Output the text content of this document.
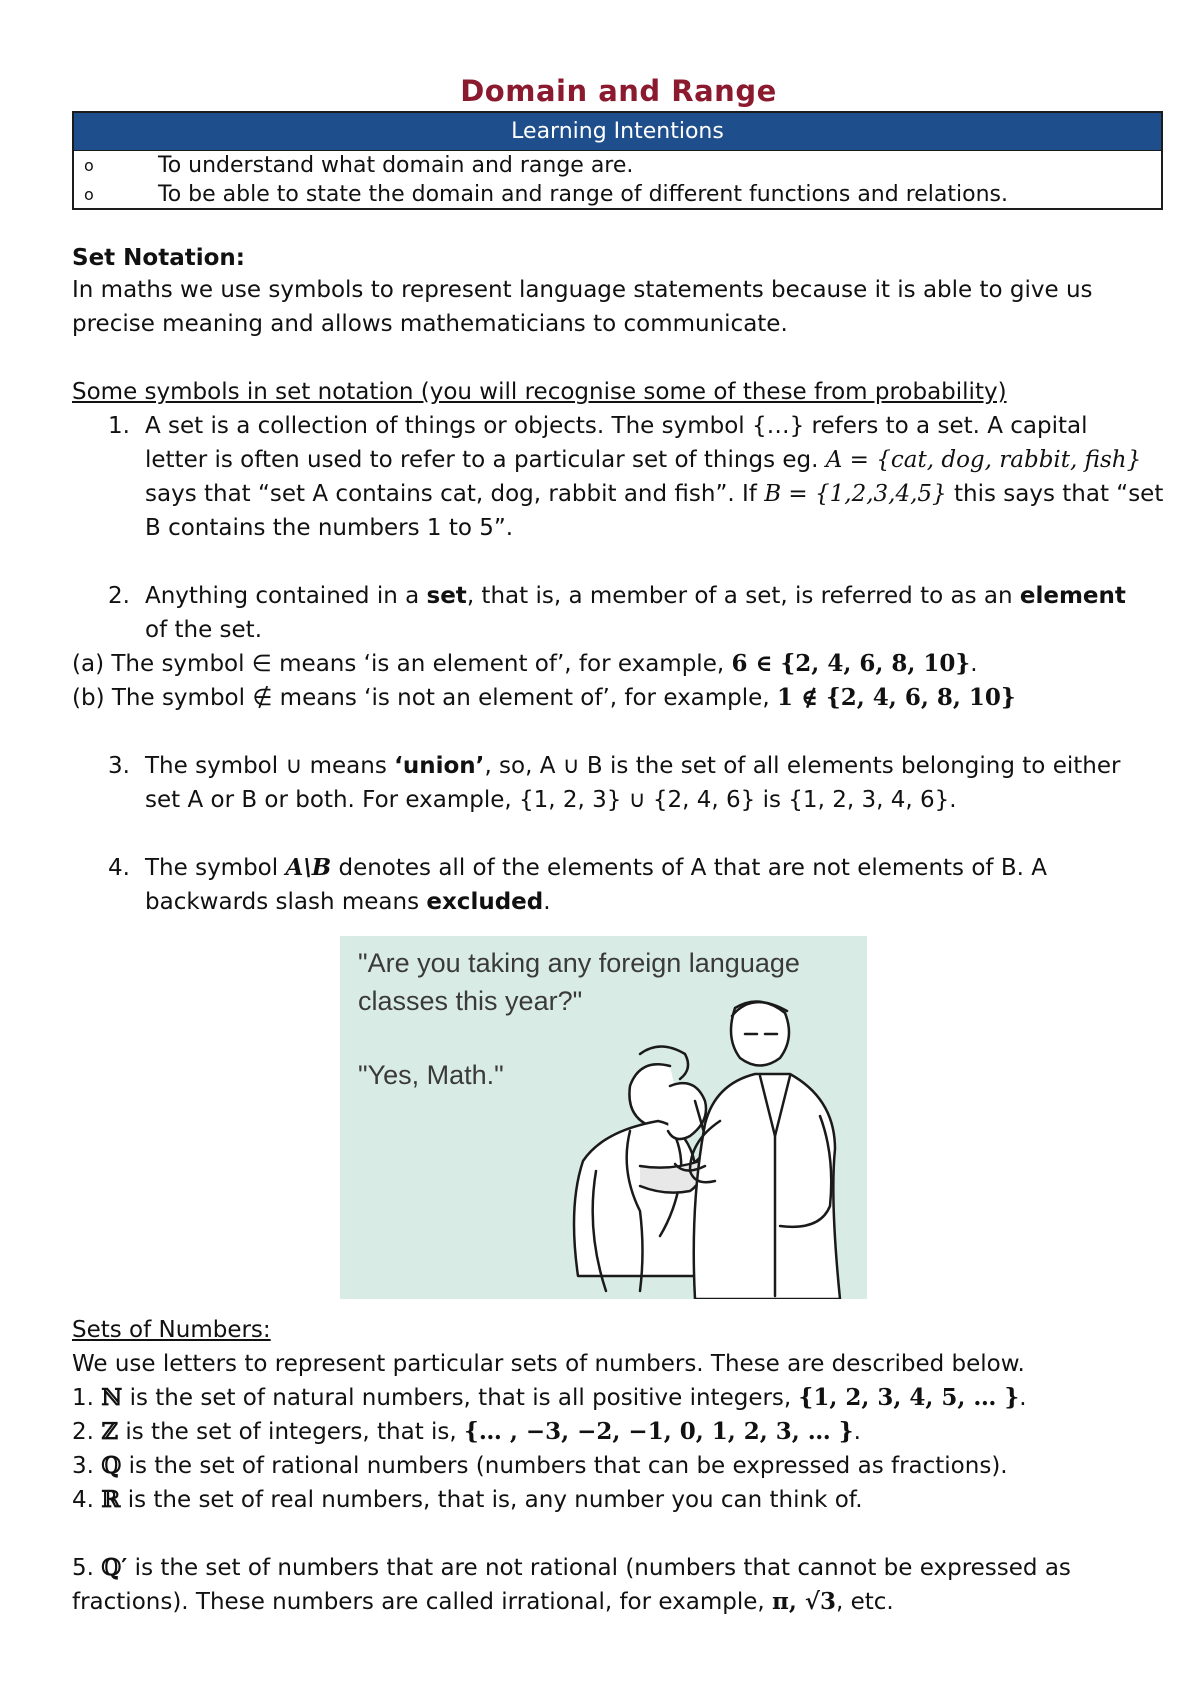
Domain and Range
Learning Intentions
o	To understand what domain and range are.
o	To be able to state the domain and range of different functions and relations.
Set Notation:
In maths we use symbols to represent language statements because it is able to give us
precise meaning and allows mathematicians to communicate.
Some symbols in set notation (you will recognise some of these from probability)
1. A set is a collection of things or objects. The symbol {…} refers to a set. A capital
letter is often used to refer to a particular set of things eg. A = {cat, dog, rabbit, fish}
says that “set A contains cat, dog, rabbit and fish”. If B = {1,2,3,4,5} this says that “set
B contains the numbers 1 to 5”.
2. Anything contained in a set, that is, a member of a set, is referred to as an element
of the set.
(a) The symbol ∈ means ‘is an element of’, for example, 6 ∈ {2, 4, 6, 8, 10}.
(b) The symbol ∉ means ‘is not an element of’, for example, 1 ∉ {2, 4, 6, 8, 10}
3. The symbol ∪ means ‘union’, so, A ∪ B is the set of all elements belonging to either
set A or B or both. For example, {1, 2, 3} ∪ {2, 4, 6} is {1, 2, 3, 4, 6}.
4. The symbol A\B denotes all of the elements of A that are not elements of B. A
backwards slash means excluded.
"Are you taking any foreign language
classes this year?"
"Yes, Math."
Sets of Numbers:
We use letters to represent particular sets of numbers. These are described below.
1. ℕ is the set of natural numbers, that is all positive integers, {1, 2, 3, 4, 5, … }.
2. ℤ is the set of integers, that is, {… , −3, −2, −1, 0, 1, 2, 3, … }.
3. ℚ is the set of rational numbers (numbers that can be expressed as fractions).
4. ℝ is the set of real numbers, that is, any number you can think of.
5. ℚ′ is the set of numbers that are not rational (numbers that cannot be expressed as
fractions). These numbers are called irrational, for example, π, √3, etc.
